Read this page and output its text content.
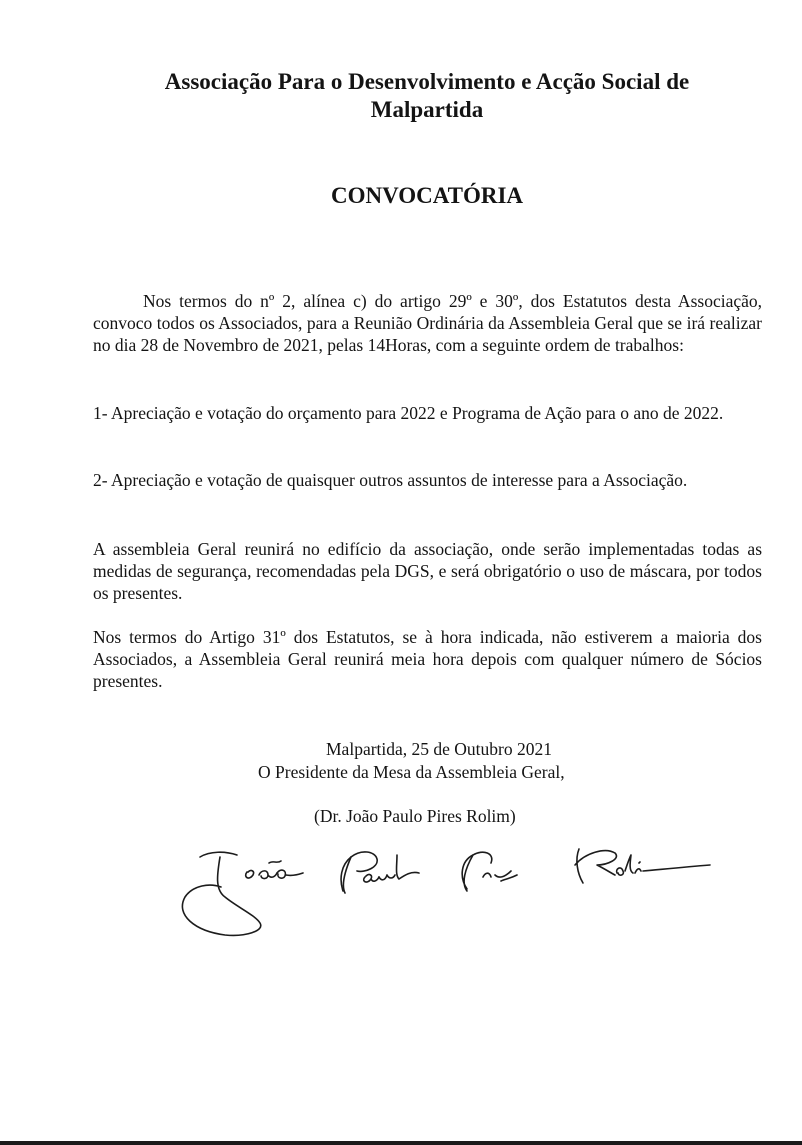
Associação Para o Desenvolvimento e Acção Social de
Malpartida
CONVOCATÓRIA

Nos termos do nº 2, alínea c) do artigo 29º e 30º, dos Estatutos desta Associação, convoco todos os Associados, para a Reunião Ordinária da Assembleia Geral que se irá realizar no dia 28 de Novembro de 2021, pelas 14Horas, com a seguinte ordem de trabalhos:

1- Apreciação e votação do orçamento para 2022 e Programa de Ação para o ano de 2022.

2- Apreciação e votação de quaisquer outros assuntos de interesse para a Associação.

A assembleia Geral reunirá no edifício da associação, onde serão implementadas todas as medidas de segurança, recomendadas pela DGS, e será obrigatório o uso de máscara, por todos os presentes.

Nos termos do Artigo 31º dos Estatutos, se à hora indicada, não estiverem a maioria dos Associados, a Assembleia Geral reunirá meia hora depois com qualquer número de Sócios presentes.

Malpartida, 25 de Outubro 2021
O Presidente da Mesa da Assembleia Geral,
(Dr. João Paulo Pires Rolim)
